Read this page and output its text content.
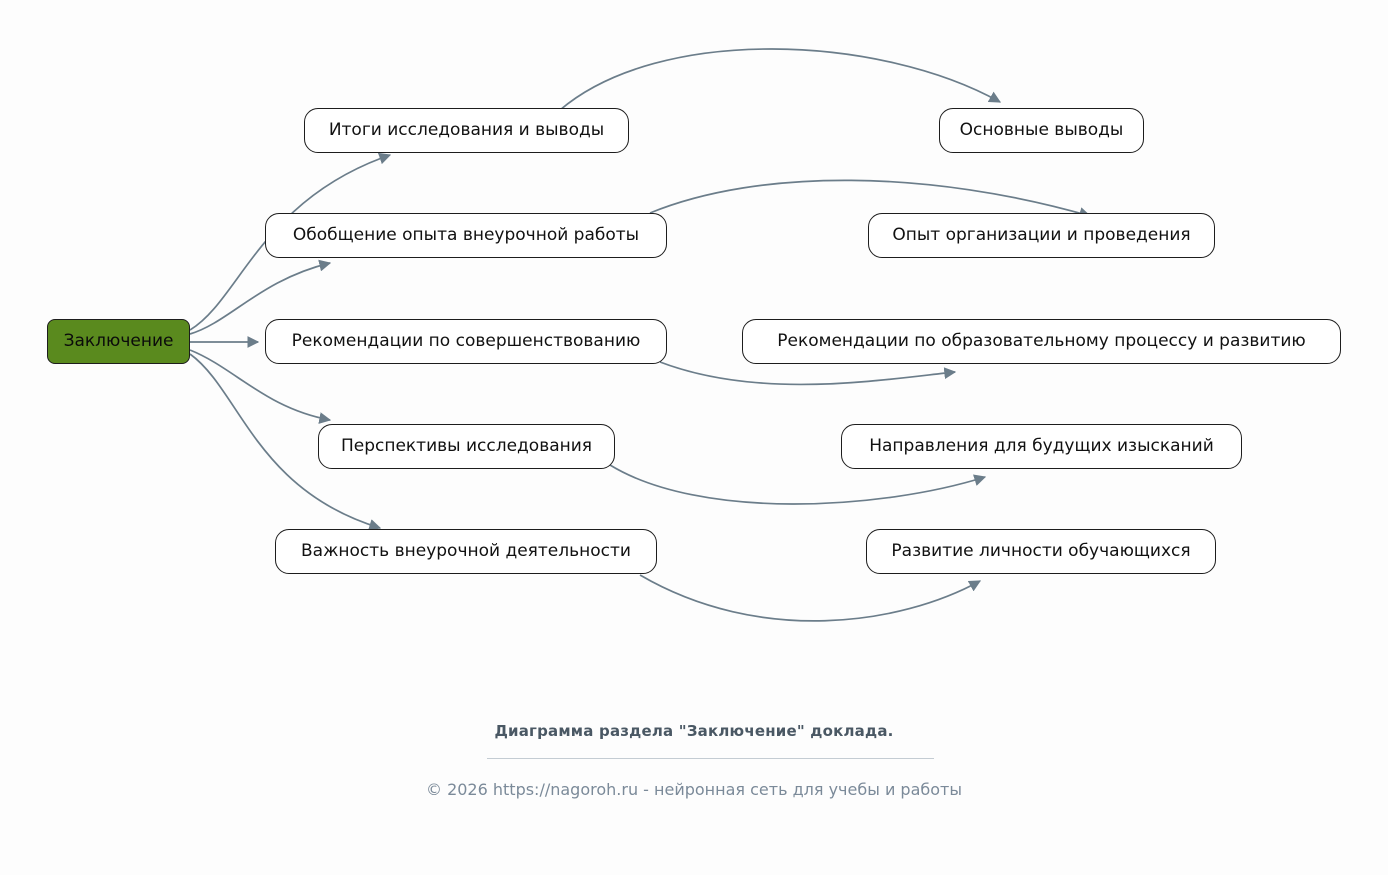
Заключение
Итоги исследования и выводы
Обобщение опыта внеурочной работы
Рекомендации по совершенствованию
Перспективы исследования
Важность внеурочной деятельности
Основные выводы
Опыт организации и проведения
Рекомендации по образовательному процессу и развитию
Направления для будущих изысканий
Развитие личности обучающихся
Диаграмма раздела "Заключение" доклада.
© 2026 https://nagoroh.ru - нейронная сеть для учебы и работы
